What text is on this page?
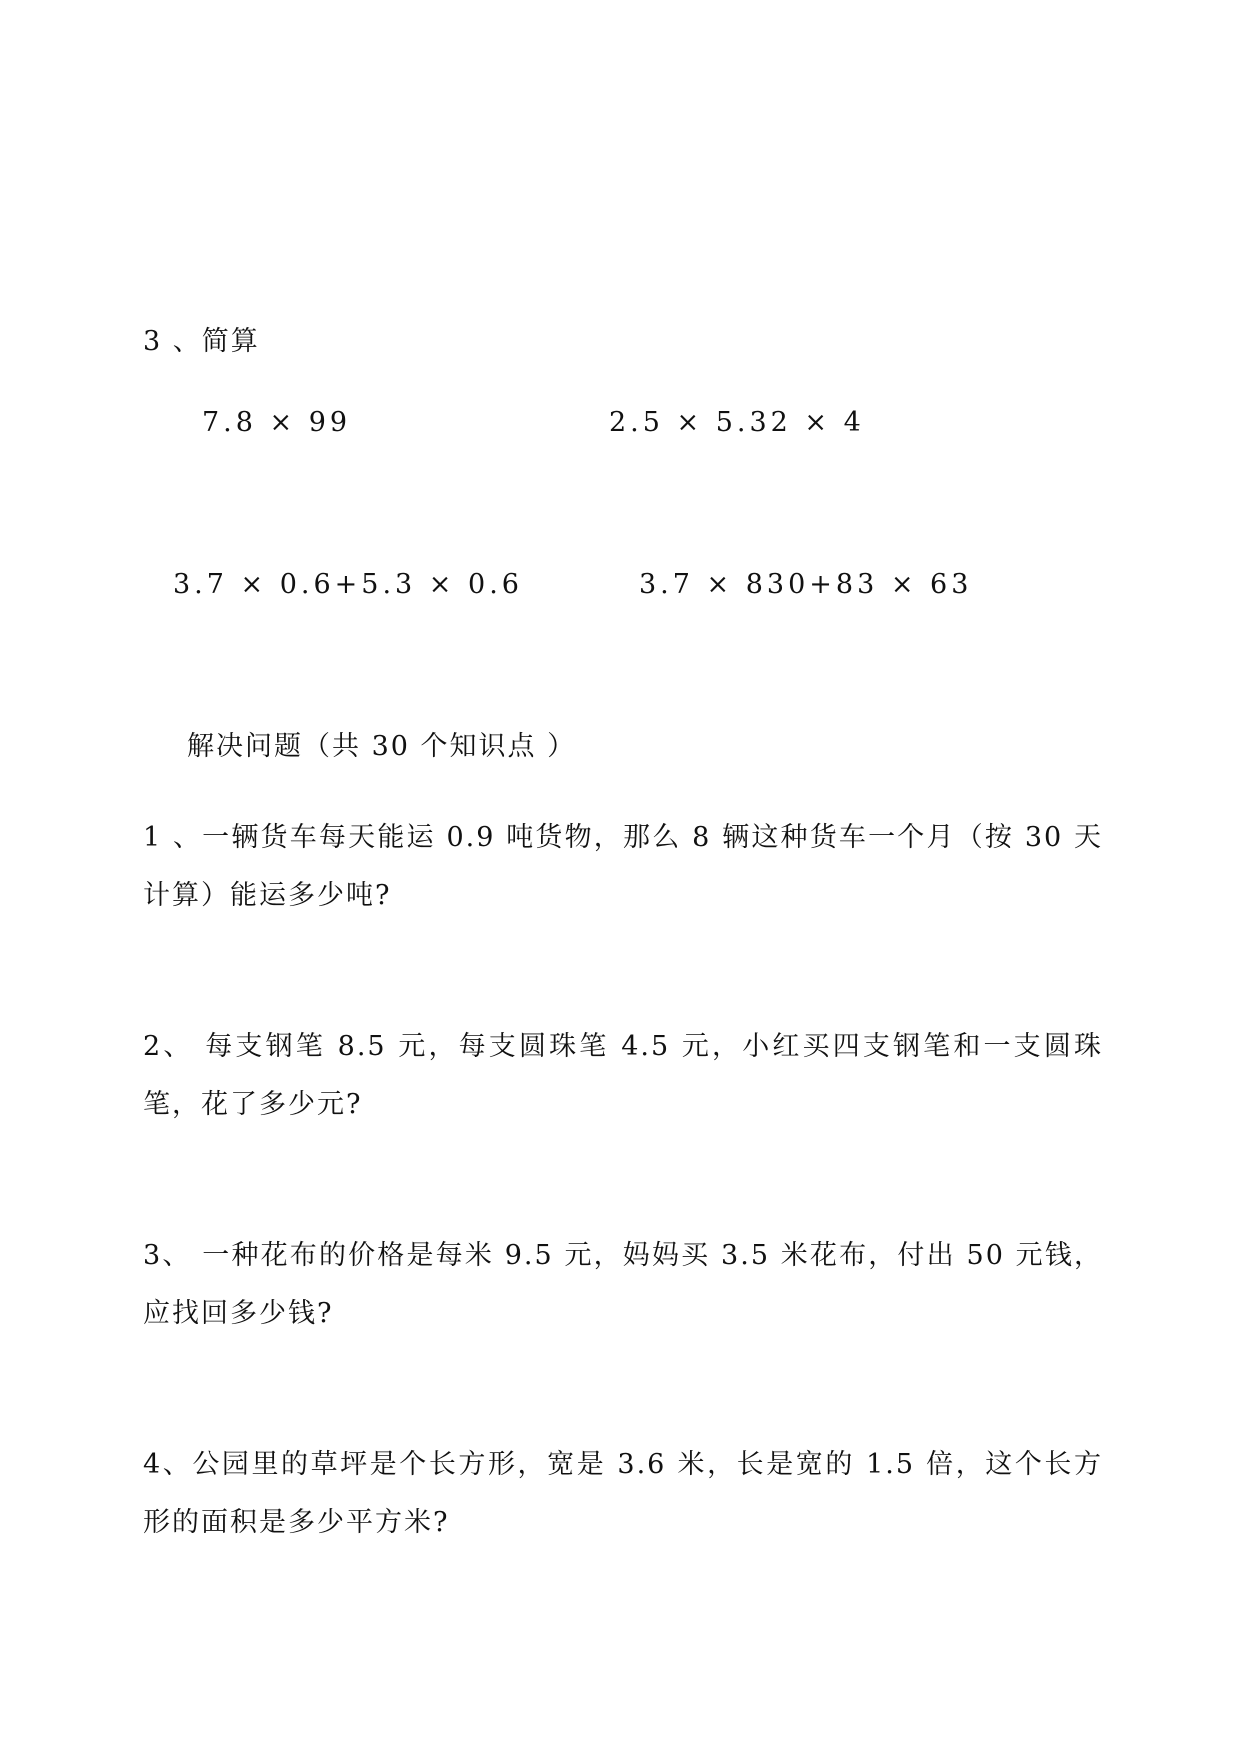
3 、简算
7.8 × 99	2.5 × 5.32 × 4
3.7 × 0.6+5.3 × 0.6	3.7 × 830+83 × 63
解决问题（共 30 个知识点 ）
1 、一辆货车每天能运 0.9 吨货物，那么 8 辆这种货车一个月（按 30 天计算）能运多少吨?
2、 每支钢笔 8.5 元，每支圆珠笔 4.5 元，小红买四支钢笔和一支圆珠笔，花了多少元?
3、 一种花布的价格是每米 9.5 元，妈妈买 3.5 米花布，付出 50 元钱，应找回多少钱?
4、公园里的草坪是个长方形，宽是 3.6 米，长是宽的 1.5 倍，这个长方形的面积是多少平方米?
